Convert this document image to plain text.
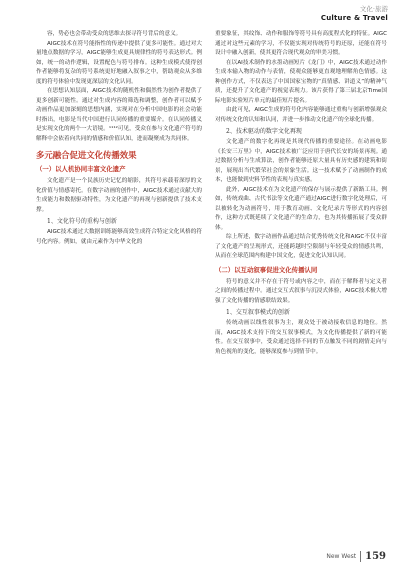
文化·旅游
Culture & Travel
容，势必也会带动受众的思维去探寻符号背后的意义。
AIGC技术在符号能指性的传递中提供了更多可能性。通过对大量地点数据的学习，AIGC能够生成更具规律性的符号表达形式。例如，统一的动作逻辑，设置配色与符号排布。这种生成模式使得创作者能够将复杂的符号系统更好地融入叙事之中，帮助观众从多维度的符号体验中发现更深层的文化认同。
在思想认知层面，AIGC技术的随机性和偶然性为创作者提供了更多创新可能性。通过对生成内容的筛选和调整，创作者可以赋予动画作品更加深刻的思想内涵，实现对在分析中国电影的社会功能时指出，电影是当代中国进行认同传播的重要媒介。在认同传播义是实现文化的两个一大语境。¹¹¹²可见，受众在参与文化遗产符号的解释中会依着向共同的情感和价值认知，进而凝聚成为共同体。
多元融合促进文化传播效果
（一）以人机协同丰富文化遗产
文化遗产是一个民族历史记忆的缩影，其符号承载着深厚的文化价值与情感寄托。在数字动画的创作中，AIGC技术通过贡献大的生成能力和数据驱动特性，为文化遗产的再现与创新提供了技术支撑。
1、文化符号的重构与创新
AIGC技术通过大数据训练能够高效生成符合特定文化风格的符号化内容。例如，就由元素作为中华文化的
重要象征，其纹饰、动作和服饰等符号具有高度程式化的特征。AIGC通过对这些元素的学习，不仅能实现对传统符号的还原，还能在符号设计中融入创新，使其更符合现代观众的审美习惯。
在以AI技术制作的水墨动画短片《龙门》中，AIGC技术通过动作生成本输入物的动作与表情，使观众能够更直观地理解角色情感。这种创作方式，不仅表达了中国国家宝物的“真情感、讲道义”的精神气质，还提升了文化遗产的视觉表现力。该片获得了第三届北京Time国际电影实验短片单元的最佳短片提名。
由此可见，AIGC生成的符号化内容能够通过重构与创新增强观众对传统文化的认知和认同，并进一步推动文化遗产的全球化传播。
2、技术驱动的数字文化再现
文化遗产的数字化再现是其现代传播的重要途径。在动画电影《长安三万里》中，AIGC技术被广泛应用于唐代长安的场景再现。通过数据分析与生成算法，创作者能够还原大量具有历史感的建筑和街景，展现出当代繁荣社会的景象生活。这一技术赋予了动画制作的成本，也能做到史料节性的表现与真实感。
此外，AIGC技术在为文化遗产的保存与展示提供了新路工具。例如，传统戏曲、古代书法等文化遗产通过AIGC进行数字化处理后，可以被转化为动画符号，用于教育动画、文化纪录片等形式的内容创作，这种方式既延续了文化遗产的生命力，也为其传播拓展了受众群体。
综上所述，数字动画作品通过结合优秀传统文化和AIGC不仅丰富了文化遗产的呈现形式，还能跨越时空限制与年轻受众的情感共鸣，从而在全球范围内构建中国文化，促进文化认知认同。
（二）以互动叙事促进文化传播认同
符号的意义并不存在于符号或内容之中，而在于解释者与定义者之间的传播过程中。通过交互式叙事与沉浸式体验，AIGC技术极大增强了文化传播的情感联结效果。
1、交互叙事模式的创新
传统动画以线性叙事为主，观众处于被动接收信息的地位。然而，AIGC技术支持下的交互叙事模式，为文化传播提供了新的可能性。在交互叙事中，受众通过选择不同的节点触发不同的剧情走向与角色视角的变化，能够深度参与到情节中。
New West 159
